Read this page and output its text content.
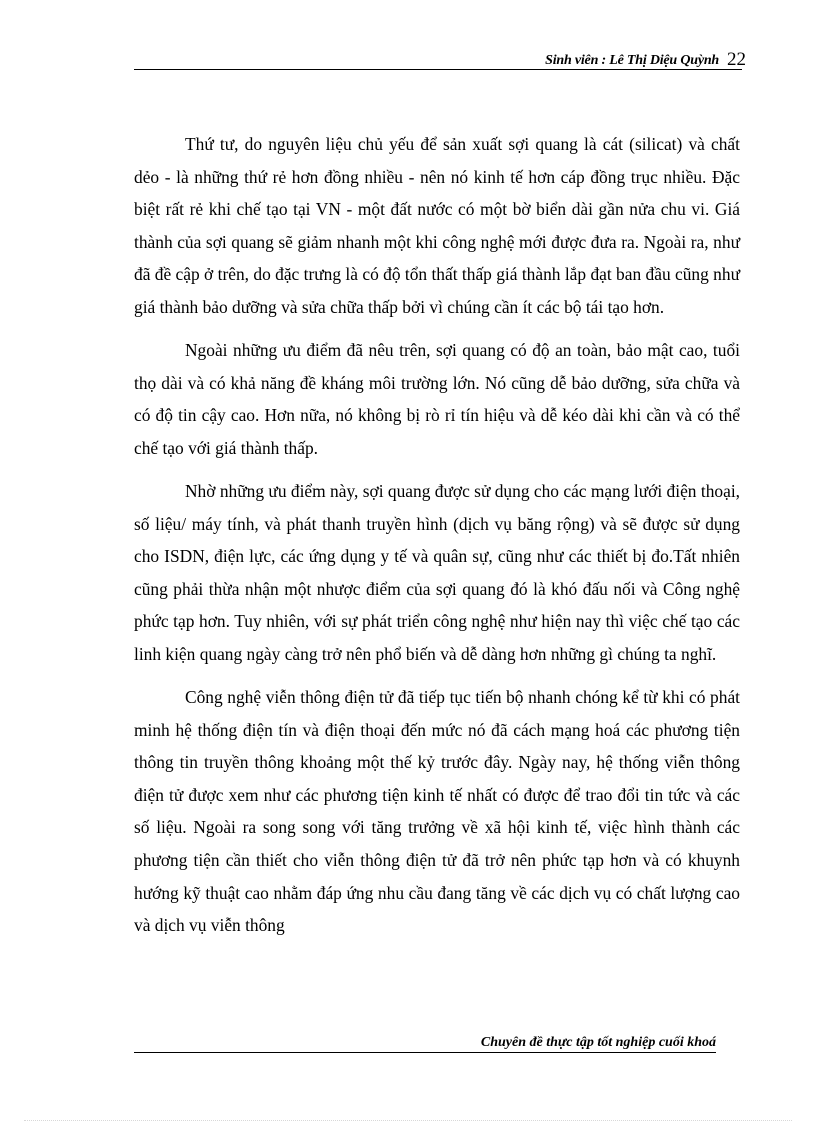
Sinh viên : Lê Thị Diệu Quỳnh 22

Thứ tư, do nguyên liệu chủ yếu để sản xuất sợi quang là cát (silicat) và chất dẻo - là những thứ rẻ hơn đồng nhiều - nên nó kinh tế hơn cáp đồng trục nhiều. Đặc biệt rất rẻ khi chế tạo tại VN - một đất nước có một bờ biển dài gần nửa chu vi. Giá thành của sợi quang sẽ giảm nhanh một khi công nghệ mới được đưa ra. Ngoài ra, như đã đề cập ở trên, do đặc trưng là có độ tổn thất thấp giá thành lắp đạt ban đầu cũng như giá thành bảo dưỡng và sửa chữa thấp bởi vì chúng cần ít các bộ tái tạo hơn.

Ngoài những ưu điểm đã nêu trên, sợi quang có độ an toàn, bảo mật cao, tuổi thọ dài và có khả năng đề kháng môi trường lớn. Nó cũng dễ bảo dưỡng, sửa chữa và có độ tin cậy cao. Hơn nữa, nó không bị rò rỉ tín hiệu và dễ kéo dài khi cần và có thể chế tạo với giá thành thấp.

Nhờ những ưu điểm này, sợi quang được sử dụng cho các mạng lưới điện thoại, số liệu/ máy tính, và phát thanh truyền hình (dịch vụ băng rộng) và sẽ được sử dụng cho ISDN, điện lực, các ứng dụng y tế và quân sự, cũng như các thiết bị đo.Tất nhiên cũng phải thừa nhận một nhược điểm của sợi quang đó là khó đấu nối và Công nghệ phức tạp hơn. Tuy nhiên, với sự phát triển công nghệ như hiện nay thì việc chế tạo các linh kiện quang ngày càng trở nên phổ biến và dễ dàng hơn những gì chúng ta nghĩ.

Công nghệ viễn thông điện tử đã tiếp tục tiến bộ nhanh chóng kể từ khi có phát minh hệ thống điện tín và điện thoại đến mức nó đã cách mạng hoá các phương tiện thông tin truyền thông khoảng một thế kỷ trước đây. Ngày nay, hệ thống viễn thông điện tử được xem như các phương tiện kinh tế nhất có được để trao đổi tin tức và các số liệu. Ngoài ra song song với tăng trưởng về xã hội kinh tế, việc hình thành các phương tiện cần thiết cho viễn thông điện tử đã trở nên phức tạp hơn và có khuynh hướng kỹ thuật cao nhằm đáp ứng nhu cầu đang tăng về các dịch vụ có chất lượng cao và dịch vụ viễn thông

Chuyên đề thực tập tốt nghiệp cuối khoá
